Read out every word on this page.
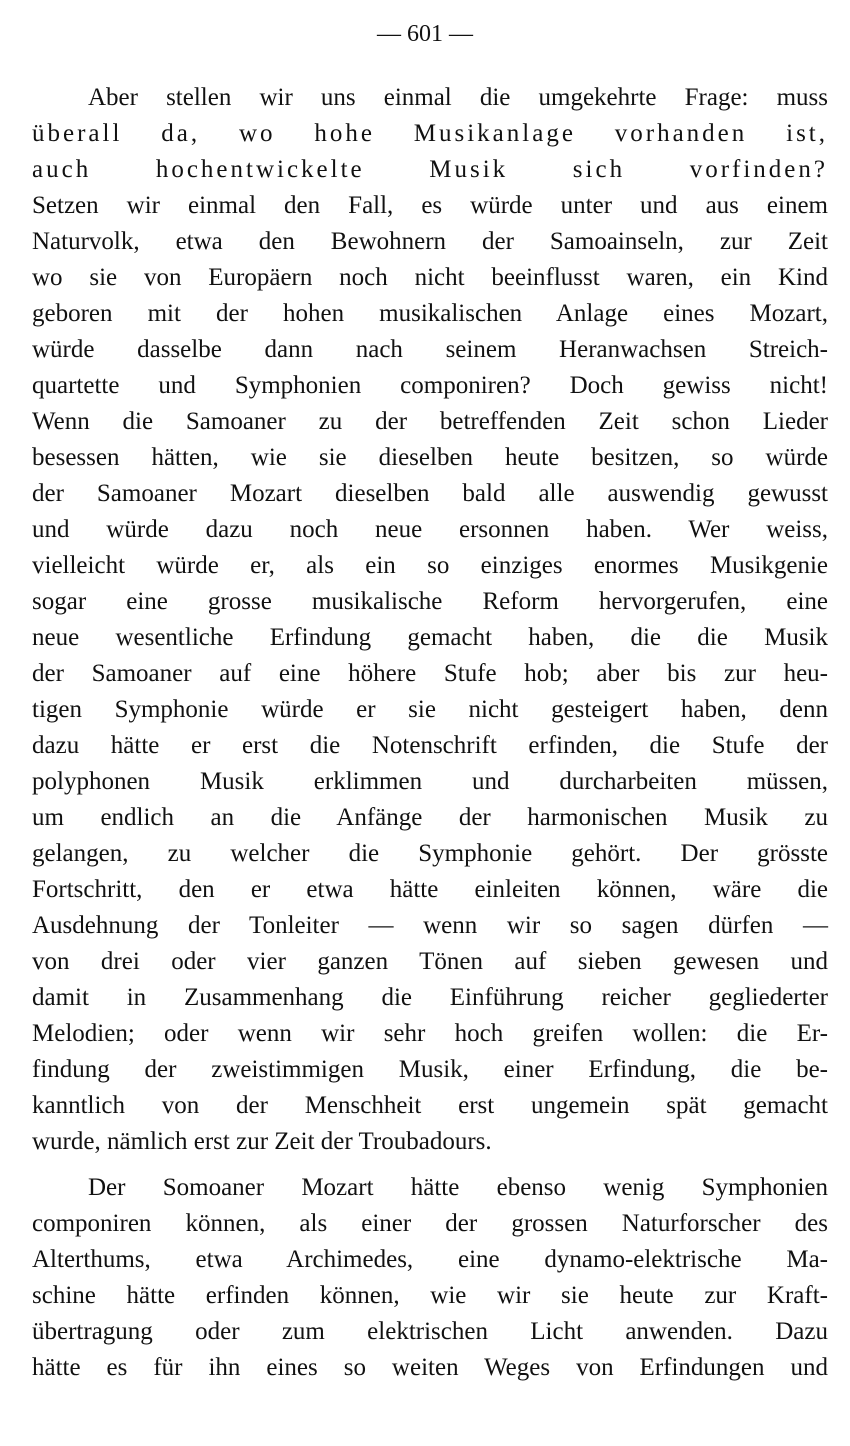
— 601 —
Aber stellen wir uns einmal die umgekehrte Frage: muss
überall da, wo hohe Musikanlage vorhanden ist,
auch hochentwickelte Musik sich vorfinden?
Setzen wir einmal den Fall, es würde unter und aus einem
Naturvolk, etwa den Bewohnern der Samoainseln, zur Zeit
wo sie von Europäern noch nicht beeinflusst waren, ein Kind
geboren mit der hohen musikalischen Anlage eines Mozart,
würde dasselbe dann nach seinem Heranwachsen Streich-
quartette und Symphonien componiren? Doch gewiss nicht!
Wenn die Samoaner zu der betreffenden Zeit schon Lieder
besessen hätten, wie sie dieselben heute besitzen, so würde
der Samoaner Mozart dieselben bald alle auswendig gewusst
und würde dazu noch neue ersonnen haben. Wer weiss,
vielleicht würde er, als ein so einziges enormes Musikgenie
sogar eine grosse musikalische Reform hervorgerufen, eine
neue wesentliche Erfindung gemacht haben, die die Musik
der Samoaner auf eine höhere Stufe hob; aber bis zur heu-
tigen Symphonie würde er sie nicht gesteigert haben, denn
dazu hätte er erst die Notenschrift erfinden, die Stufe der
polyphonen Musik erklimmen und durcharbeiten müssen,
um endlich an die Anfänge der harmonischen Musik zu
gelangen, zu welcher die Symphonie gehört. Der grösste
Fortschritt, den er etwa hätte einleiten können, wäre die
Ausdehnung der Tonleiter — wenn wir so sagen dürfen —
von drei oder vier ganzen Tönen auf sieben gewesen und
damit in Zusammenhang die Einführung reicher gegliederter
Melodien; oder wenn wir sehr hoch greifen wollen: die Er-
findung der zweistimmigen Musik, einer Erfindung, die be-
kanntlich von der Menschheit erst ungemein spät gemacht
wurde, nämlich erst zur Zeit der Troubadours.
Der Somoaner Mozart hätte ebenso wenig Symphonien
componiren können, als einer der grossen Naturforscher des
Alterthums, etwa Archimedes, eine dynamo-elektrische Ma-
schine hätte erfinden können, wie wir sie heute zur Kraft-
übertragung oder zum elektrischen Licht anwenden. Dazu
hätte es für ihn eines so weiten Weges von Erfindungen und
